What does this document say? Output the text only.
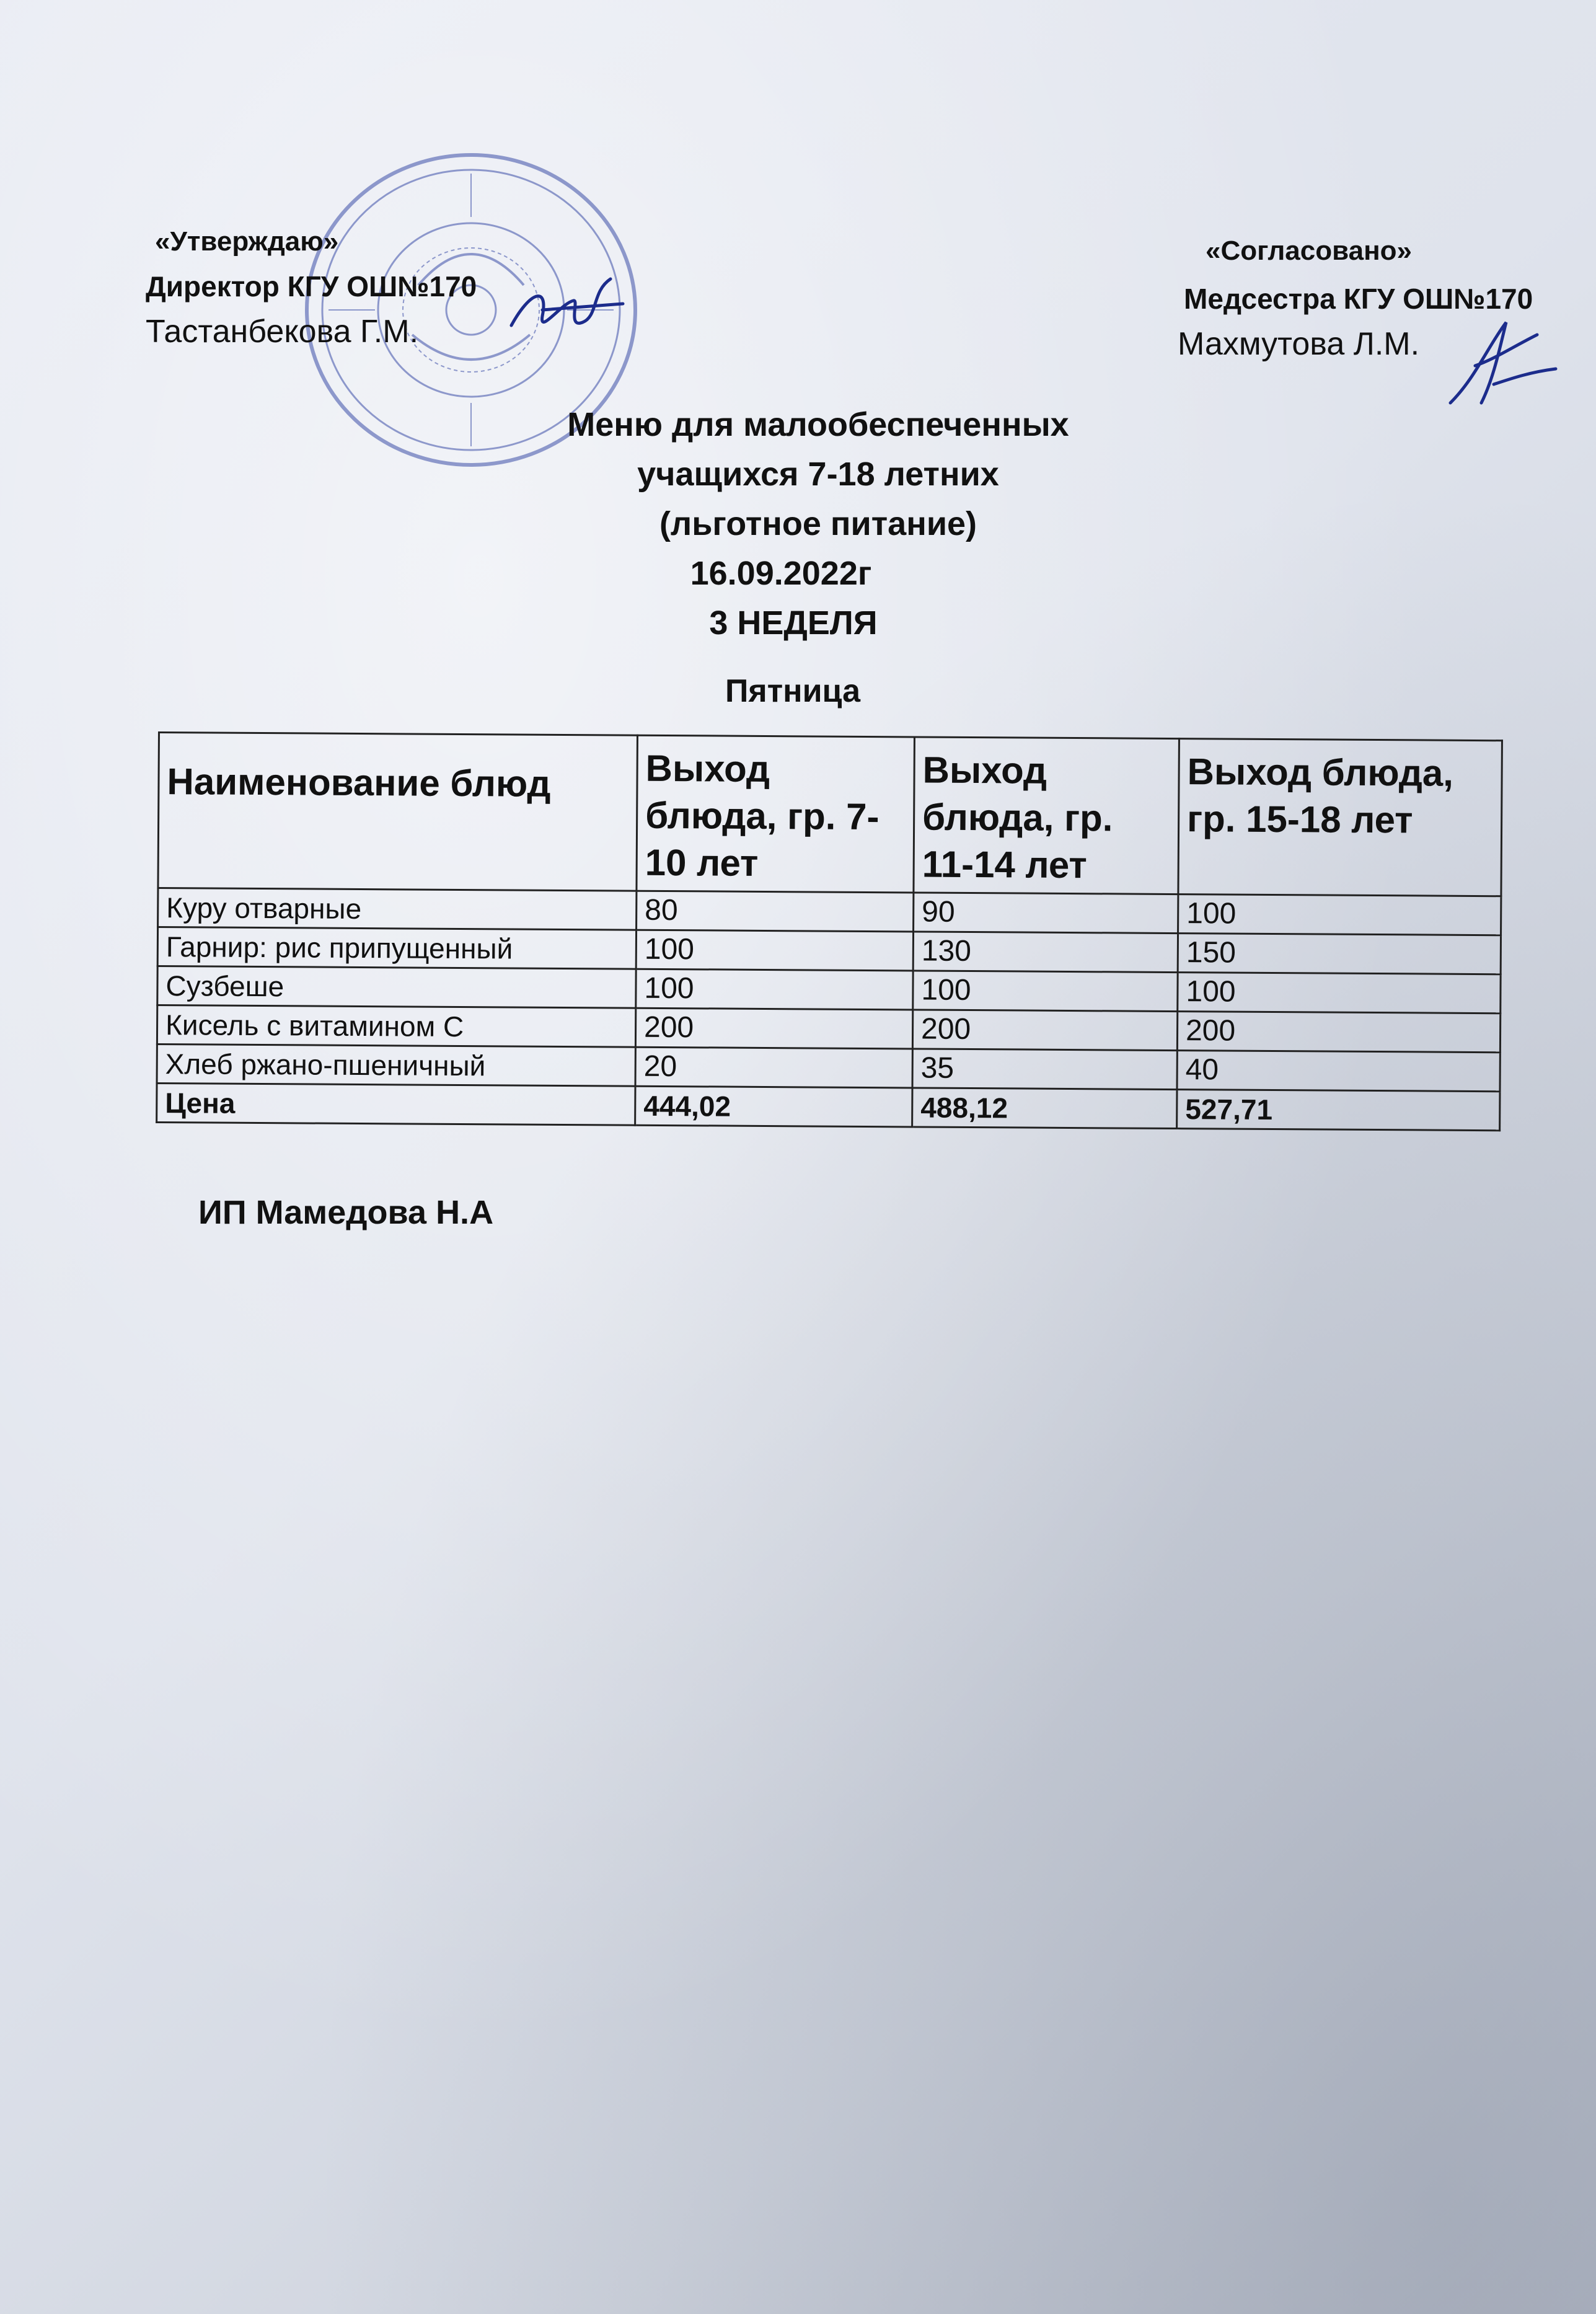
«Утверждаю»
Директор КГУ ОШ№170
Тастанбекова Г.М.
«Согласовано»
Медсестра КГУ ОШ№170
Махмутова Л.М.
Меню для малообеспеченных
учащихся 7-18 летних
(льготное питание)
16.09.2022г
3 НЕДЕЛЯ
Пятница
Наименование блюд	Выход блюда, гр. 7-10 лет	Выход блюда, гр. 11-14 лет	Выход блюда, гр. 15-18 лет
Куру отварные	80	90	100
Гарнир: рис припущенный	100	130	150
Сузбеше	100	100	100
Кисель с витамином С	200	200	200
Хлеб ржано-пшеничный	20	35	40
Цена	444,02	488,12	527,71
ИП Мамедова Н.А
